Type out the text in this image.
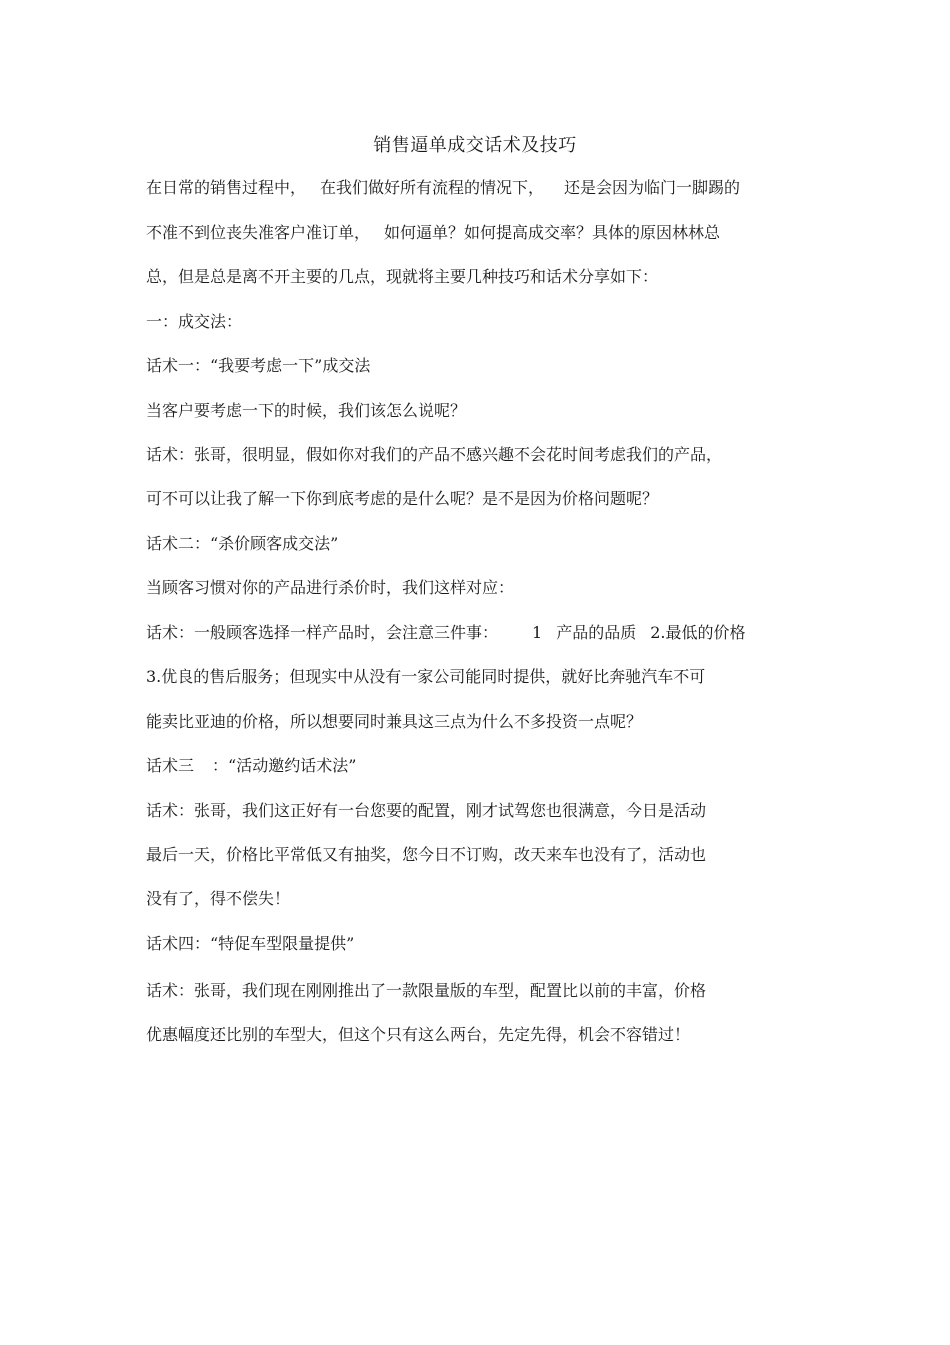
销售逼单成交话术及技巧

在日常的销售过程中， 在我们做好所有流程的情况下， 还是会因为临门一脚踢的

不准不到位丧失准客户准订单， 如何逼单？如何提高成交率？具体的原因林林总

总，但是总是离不开主要的几点，现就将主要几种技巧和话术分享如下：

一：成交法：

话术一：“我要考虑一下”成交法

当客户要考虑一下的时候，我们该怎么说呢？

话术：张哥，很明显，假如你对我们的产品不感兴趣不会花时间考虑我们的产品，

可不可以让我了解一下你到底考虑的是什么呢？是不是因为价格问题呢？

话术二：“杀价顾客成交法”

当顾客习惯对你的产品进行杀价时，我们这样对应：

话术：一般顾客选择一样产品时，会注意三件事： 1 产品的品质 2.最低的价格

3.优良的售后服务；但现实中从没有一家公司能同时提供，就好比奔驰汽车不可

能卖比亚迪的价格，所以想要同时兼具这三点为什么不多投资一点呢？

话术三 ：“活动邀约话术法”

话术：张哥，我们这正好有一台您要的配置，刚才试驾您也很满意，今日是活动

最后一天，价格比平常低又有抽奖，您今日不订购，改天来车也没有了，活动也

没有了，得不偿失！

话术四：“特促车型限量提供”

话术：张哥，我们现在刚刚推出了一款限量版的车型，配置比以前的丰富，价格

优惠幅度还比别的车型大，但这个只有这么两台，先定先得，机会不容错过！
